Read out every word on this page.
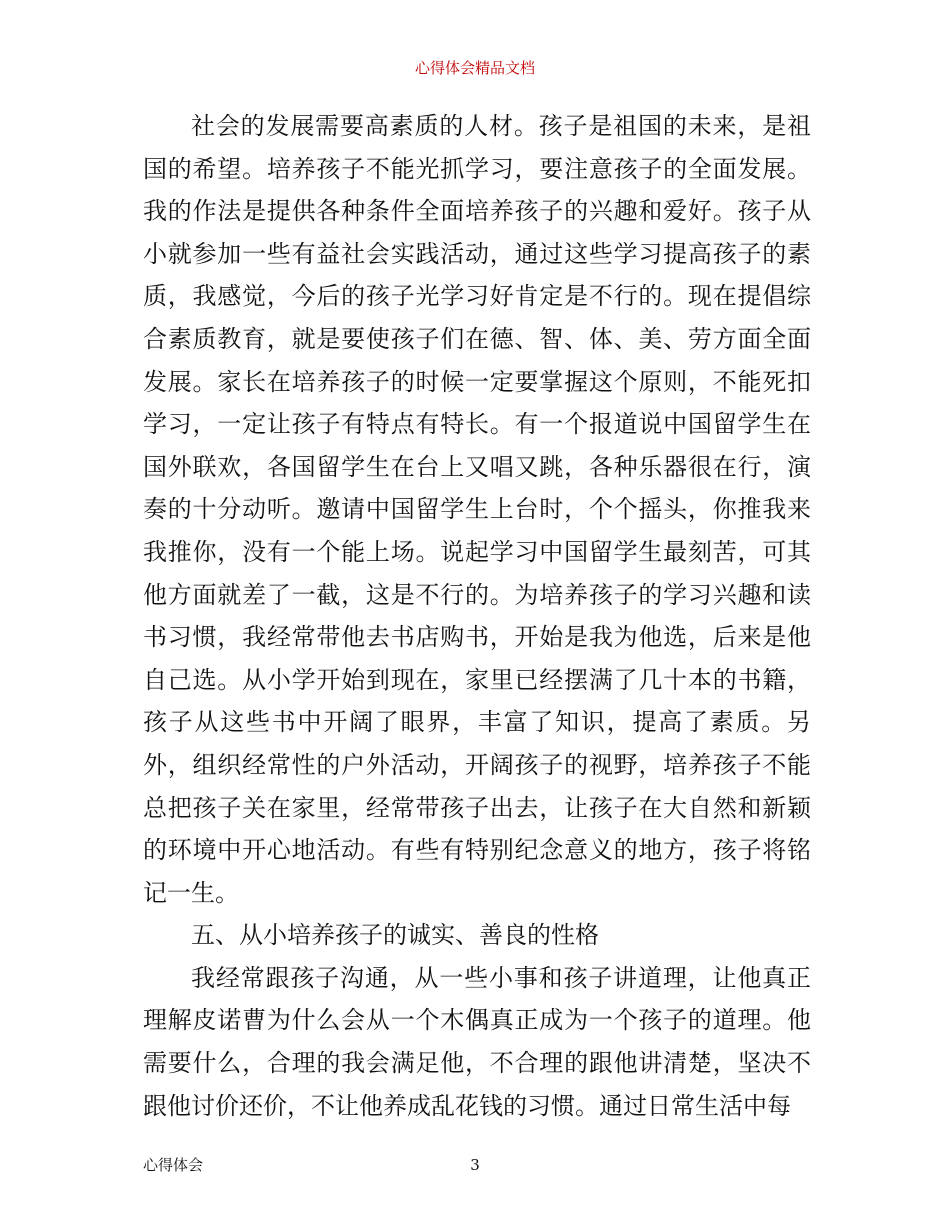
心得体会精品文档

社会的发展需要高素质的人材。孩子是祖国的未来，是祖国的希望。培养孩子不能光抓学习，要注意孩子的全面发展。我的作法是提供各种条件全面培养孩子的兴趣和爱好。孩子从小就参加一些有益社会实践活动，通过这些学习提高孩子的素质，我感觉，今后的孩子光学习好肯定是不行的。现在提倡综合素质教育，就是要使孩子们在德、智、体、美、劳方面全面发展。家长在培养孩子的时候一定要掌握这个原则，不能死扣学习，一定让孩子有特点有特长。有一个报道说中国留学生在国外联欢，各国留学生在台上又唱又跳，各种乐器很在行，演奏的十分动听。邀请中国留学生上台时，个个摇头，你推我来我推你，没有一个能上场。说起学习中国留学生最刻苦，可其他方面就差了一截，这是不行的。为培养孩子的学习兴趣和读书习惯，我经常带他去书店购书，开始是我为他选，后来是他自己选。从小学开始到现在，家里已经摆满了几十本的书籍，孩子从这些书中开阔了眼界，丰富了知识，提高了素质。另外，组织经常性的户外活动，开阔孩子的视野，培养孩子不能总把孩子关在家里，经常带孩子出去，让孩子在大自然和新颖的环境中开心地活动。有些有特别纪念意义的地方，孩子将铭记一生。

五、从小培养孩子的诚实、善良的性格

我经常跟孩子沟通，从一些小事和孩子讲道理，让他真正理解皮诺曹为什么会从一个木偶真正成为一个孩子的道理。他需要什么，合理的我会满足他，不合理的跟他讲清楚，坚决不跟他讨价还价，不让他养成乱花钱的习惯。通过日常生活中每

心得体会	3
